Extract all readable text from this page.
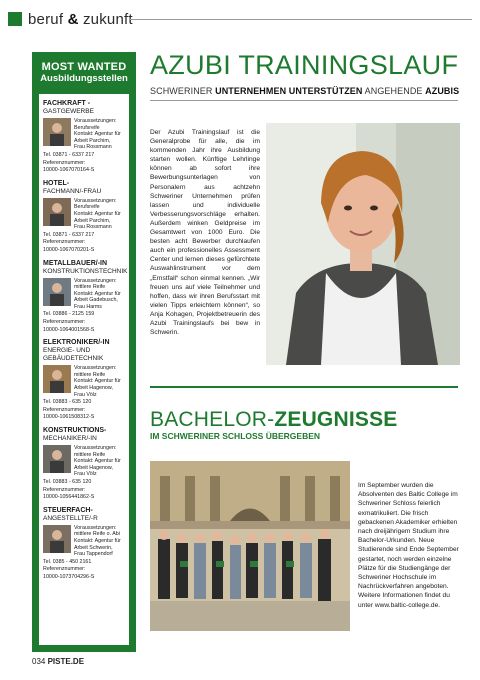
beruf & zukunft
MOST WANTED
Ausbildungsstellen
FACHKRAFT -
GASTGEWERBE
Voraussetzungen:
Berufsreife
Kontakt: Agentur für
Arbeit Parchim,
Frau Rossmann
Tel. 03871 - 6337 217
Referenznummer:
10000-1067070164-S
HOTEL-
FACHMANN/-FRAU
Voraussetzungen:
Berufsreife
Kontakt: Agentur für
Arbeit Parchim,
Frau Rossmann
Tel. 03871 - 6337 217
Referenznummer:
10000-1067070201-S
METALLBAUER/-IN
KONSTRUKTIONSTECHNIK
Voraussetzungen:
mittlere Reife
Kontakt: Agentur für
Arbeit Gadebusch,
Frau Harms
Tel. 03886 - 2125 159
Referenznummer:
10000-1064001568-S
ELEKTRONIKER/-IN
ENERGIE- UND GEBÄUDETECHNIK
Voraussetzungen:
mittlere Reife
Kontakt: Agentur für
Arbeit Hagenow,
Frau Völz
Tel. 03883 - 635 120
Referenznummer:
10000-1061508312-S
KONSTRUKTIONS-
MECHANIKER/-IN
Voraussetzungen:
mittlere Reife
Kontakt: Agentur für
Arbeit Hagenow,
Frau Völz
Tel. 03883 - 635 120
Referenznummer:
10000-1056441862-S
STEUERFACH-
ANGESTELLTE/-R
Voraussetzungen:
mittlere Reife o. Abi
Kontakt: Agentur für
Arbeit Schwerin,
Frau Tappendorf
Tel. 0385 - 450 2161
Referenznummer:
10000-1073704296-S
AZUBI TRAININGSLAUF
SCHWERINER UNTERNEHMEN UNTERSTÜTZEN ANGEHENDE AZUBIS
Der Azubi Trainingslauf ist die Generalprobe für alle, die im kommenden Jahr ihre Ausbildung starten wollen. Künftige Lehrlinge können ab sofort ihre Bewerbungsunterlagen von Personalern aus achtzehn Schweriner Unternehmen prüfen lassen und individuelle Verbesserungsvorschläge erhalten. Außerdem winken Geldpreise im Gesamtwert von 1000 Euro. Die besten acht Bewerber durchlaufen auch ein professionelles Assessment Center und lernen dieses gefürchtete Auswahlinstrument vor dem „Ernstfall“ schon einmal kennen. „Wir freuen uns auf viele Teilnehmer und hoffen, dass wir ihren Berufsstart mit vielen Tipps erleichtern können“, so Anja Kohagen, Projektbetreuerin des Azubi Trainingslaufs bei bew in Schwerin.
BACHELOR-ZEUGNISSE
IM SCHWERINER SCHLOSS ÜBERGEBEN
Im September wurden die Absolventen des Baltic College im Schweriner Schloss feierlich exmatrikuliert. Die frisch gebackenen Akademiker erhielten nach dreijährigem Studium ihre Bachelor-Urkunden. Neue Studierende sind Ende September gestartet, noch werden einzelne Plätze für die Studiengänge der Schweriner Hochschule im Nachrückverfahren angeboten. Weitere Informationen findet du unter www.baltic-college.de.
034 PISTE.DE
